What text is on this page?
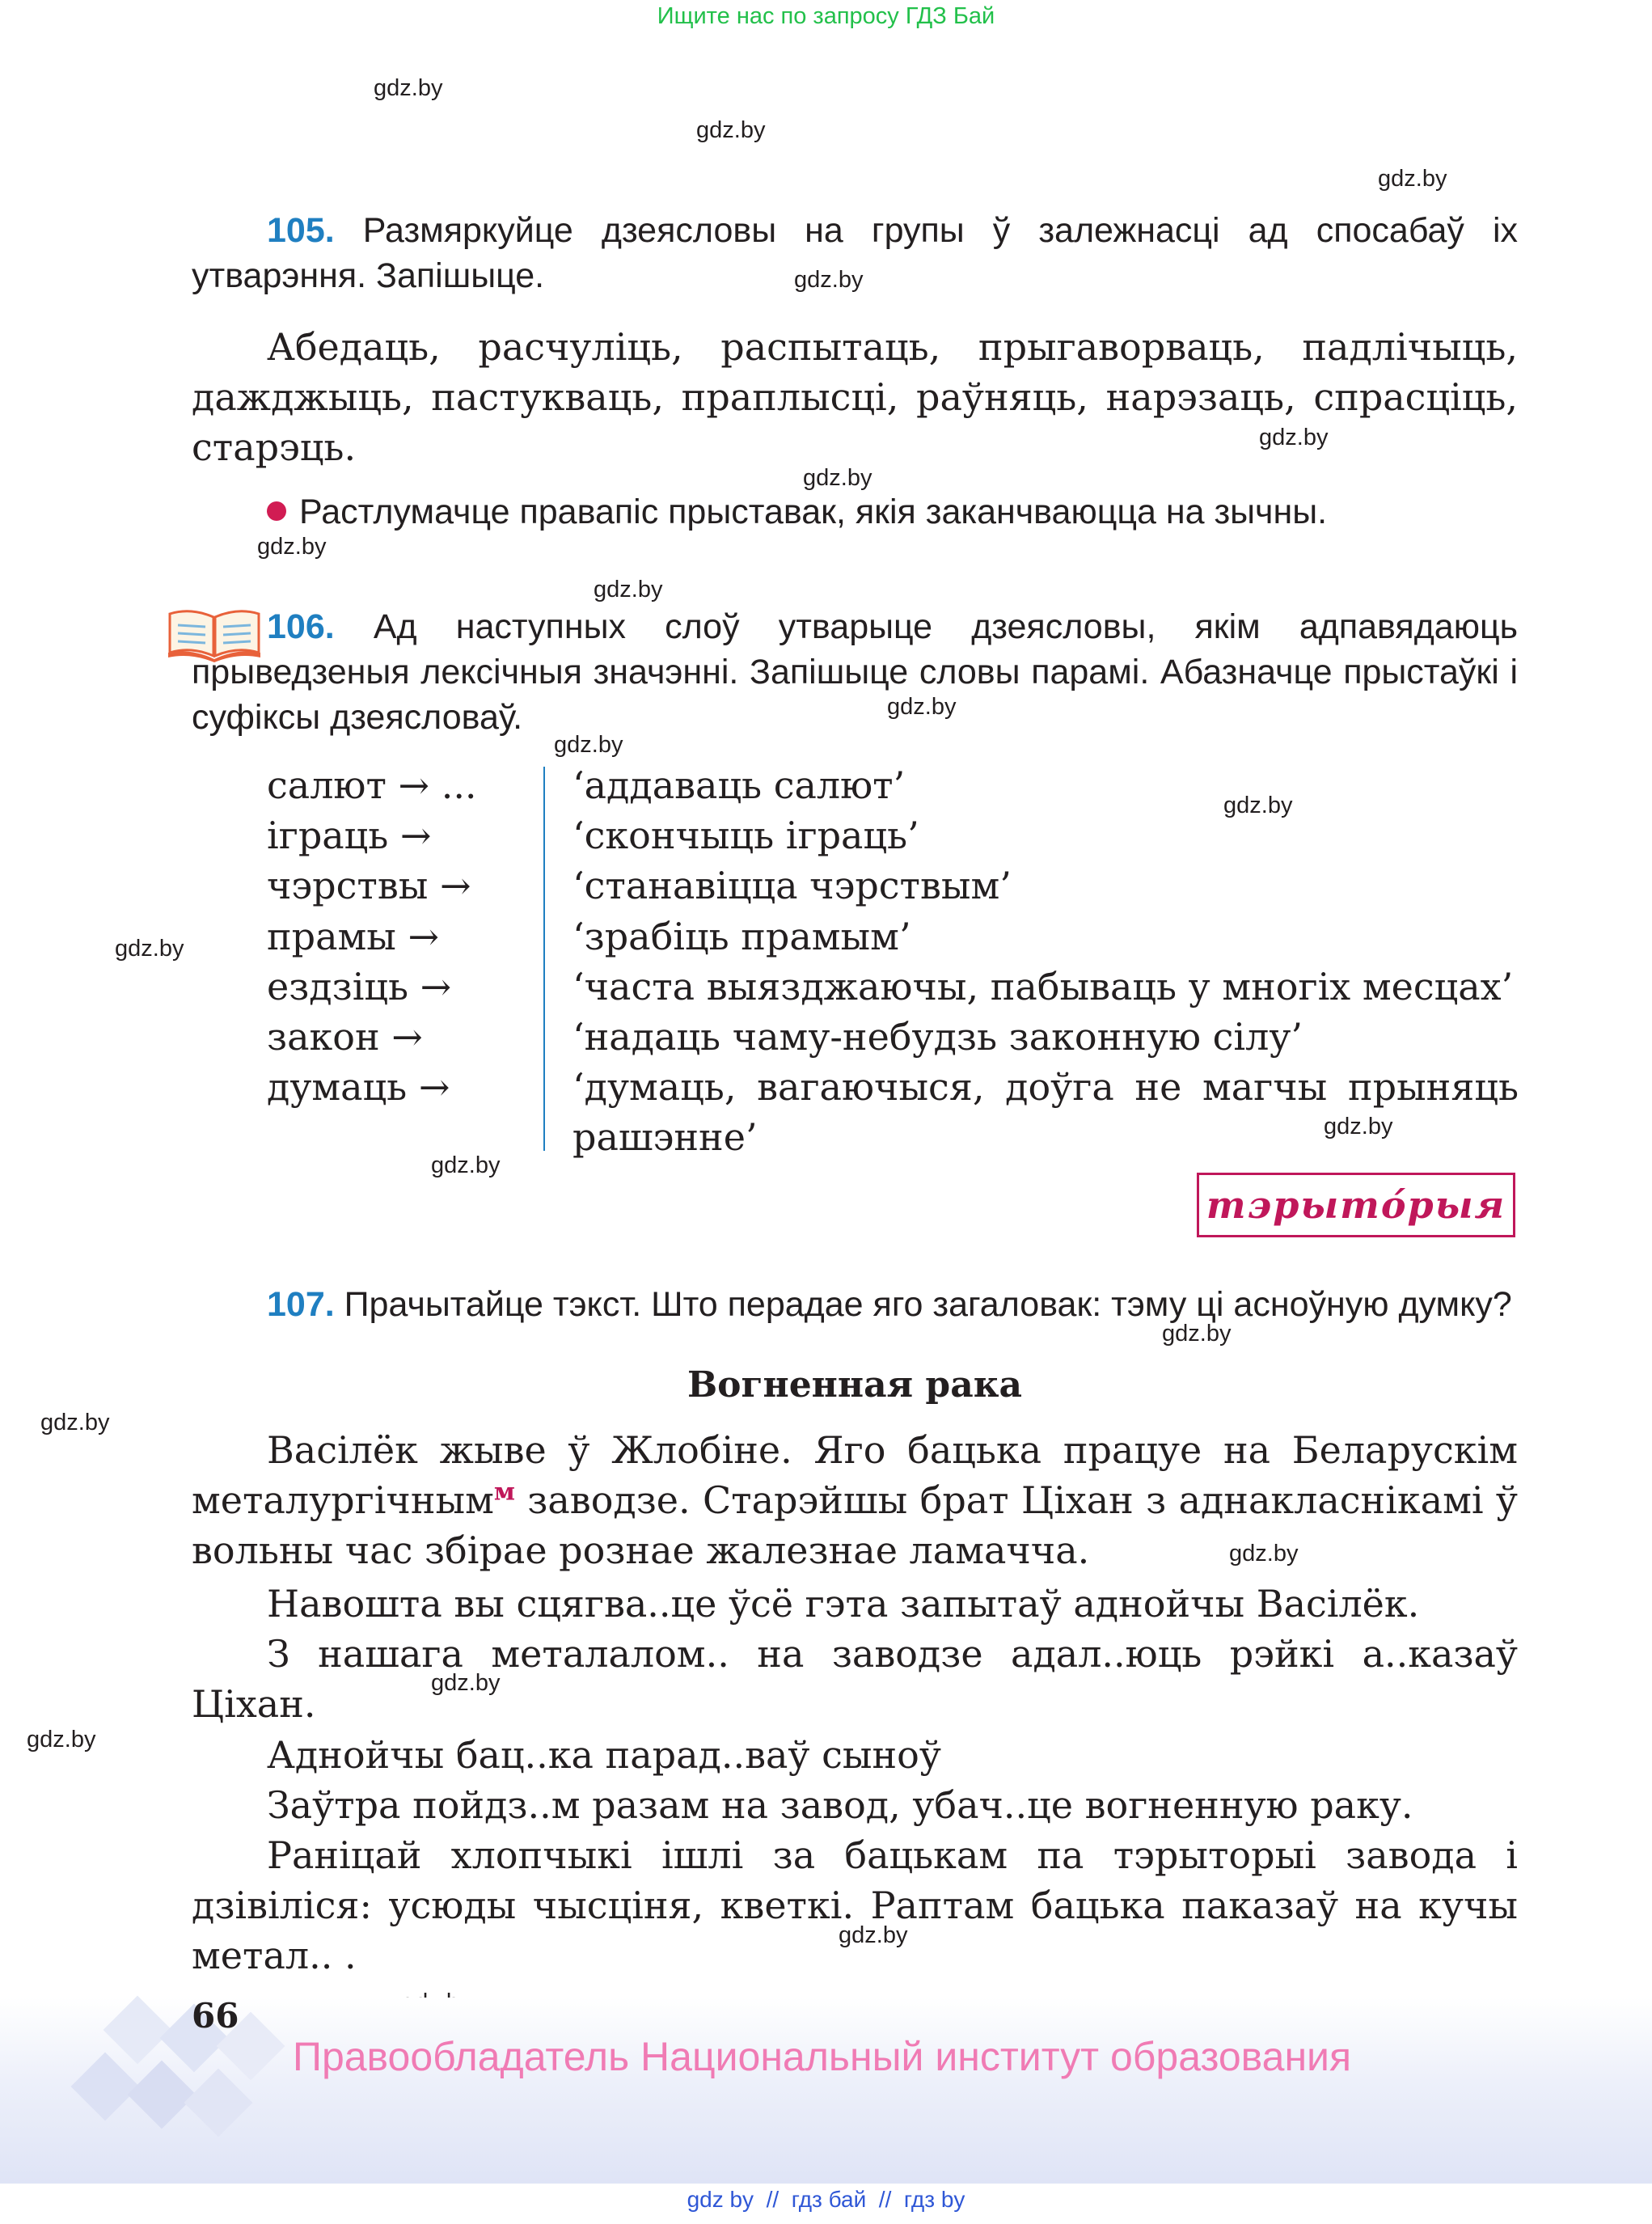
Ищите нас по запросу ГДЗ Бай
gdz.by
gdz.by
gdz.by
gdz.by
gdz.by
gdz.by
gdz.by
gdz.by
gdz.by
gdz.by
gdz.by
gdz.by
gdz.by
gdz.by
gdz.by
gdz.by
gdz.by
gdz.by
gdz.by
gdz.by
105. Размяркуйце дзеясловы на групы ў залежнасці ад спосабаў іх утварэння. Запішыце.
Абедаць, расчуліць, распытаць, прыгаворваць, падлічыць, дажджыць, пастукваць, праплысці, раўняць, нарэзаць, спрасціць, старэць.
Растлумачце правапіс прыставак, якія заканчваюцца на зычны.
106. Ад наступных слоў утварыце дзеясловы, якім адпавядаюць прыведзеныя лексічныя значэнні. Запішыце словы парамі. Абазначце прыстаўкі і суфіксы дзеясловаў.
салют → ...	‘аддаваць салют’
іграць →	‘скончыць іграць’
чэрствы →	‘станавіцца чэрствым’
прамы →	‘зрабіць прамым’
ездзіць →	‘часта выязджаючы, пабываць у многіх месцах’
закон →	‘надаць чаму-небудзь законную сілу’
думаць →	‘думаць, вагаючыся, доўга не магчы прыняць рашэнне’
тэрыто́рыя
107. Прачытайце тэкст. Што перадае яго загаловак: тэму ці асноўную думку?
Вогненная рака
Васілёк жыве ў Жлобіне. Яго бацька працуе на Беларускім металургічным$^м$ заводзе. Старэйшы брат Ціхан з аднакласнікамі ў вольны час збірае рознае жалезнае ламачча.
Навошта вы сцягва..це ўсё гэта запытаў аднойчы Васілёк.
З нашага металалом.. на заводзе адал..юць рэйкі а..казаў Ціхан.
Аднойчы бац..ка парад..ваў сыноў
Заўтра пойдз..м разам на завод, убач..це вогненную раку.
Раніцай хлопчыкі ішлі за бацькам па тэрыторыі завода і дзівіліся: усюды чысціня, кветкі. Раптам бацька паказаў на кучы метал.. .
66
Правообладатель Национальный институт образования
gdz by  //  гдз бай  //  гдз by
